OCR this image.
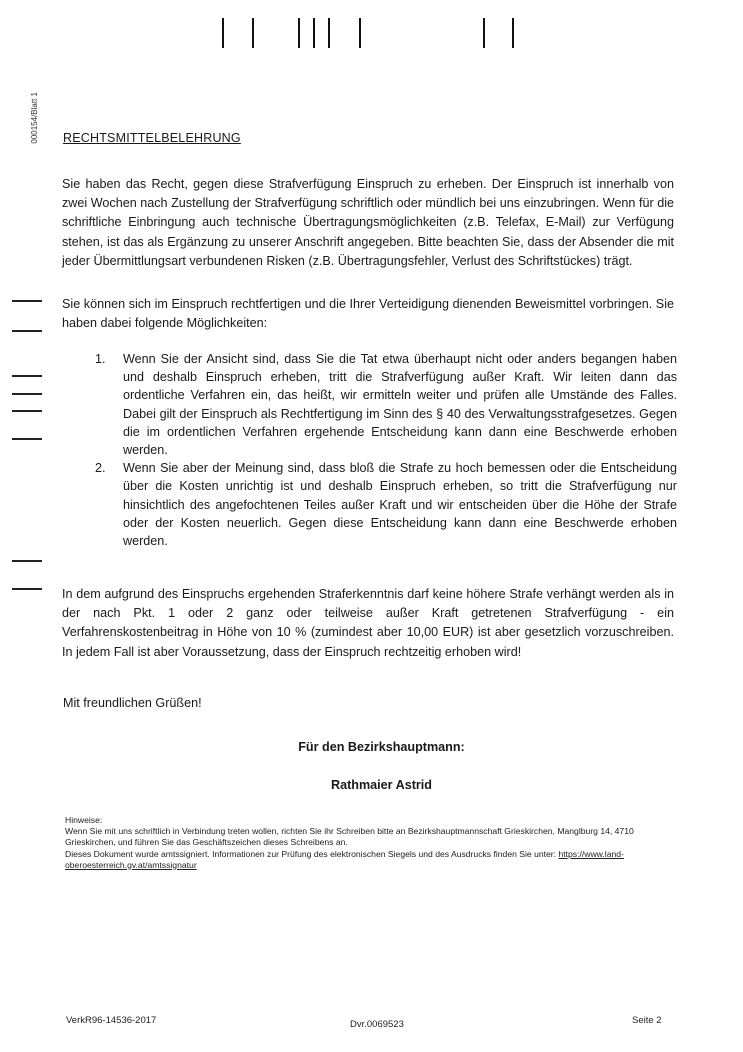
000154/Blatt 1 RECHTSMITTELBELEHRUNG
Sie haben das Recht, gegen diese Strafverfügung Einspruch zu erheben. Der Einspruch ist innerhalb von zwei Wochen nach Zustellung der Strafverfügung schriftlich oder mündlich bei uns einzubringen. Wenn für die schriftliche Einbringung auch technische Übertragungsmöglichkeiten (z.B. Telefax, E-Mail) zur Verfügung stehen, ist das als Ergänzung zu unserer Anschrift angegeben. Bitte beachten Sie, dass der Absender die mit jeder Übermittlungsart verbundenen Risken (z.B. Übertragungsfehler, Verlust des Schriftstückes) trägt.
Sie können sich im Einspruch rechtfertigen und die Ihrer Verteidigung dienenden Beweismittel vorbringen. Sie haben dabei folgende Möglichkeiten:
1.	Wenn Sie der Ansicht sind, dass Sie die Tat etwa überhaupt nicht oder anders begangen haben und deshalb Einspruch erheben, tritt die Strafverfügung außer Kraft. Wir leiten dann das ordentliche Verfahren ein, das heißt, wir ermitteln weiter und prüfen alle Umstände des Falles. Dabei gilt der Einspruch als Rechtfertigung im Sinn des § 40 des Verwaltungsstrafgesetzes. Gegen die im ordentlichen Verfahren ergehende Entscheidung kann dann eine Beschwerde erhoben werden.
2.	Wenn Sie aber der Meinung sind, dass bloß die Strafe zu hoch bemessen oder die Entscheidung über die Kosten unrichtig ist und deshalb Einspruch erheben, so tritt die Strafverfügung nur hinsichtlich des angefochtenen Teiles außer Kraft und wir entscheiden über die Höhe der Strafe oder der Kosten neuerlich. Gegen diese Entscheidung kann dann eine Beschwerde erhoben werden.
In dem aufgrund des Einspruchs ergehenden Straferkenntnis darf keine höhere Strafe verhängt werden als in der nach Pkt. 1 oder 2 ganz oder teilweise außer Kraft getretenen Strafverfügung - ein Verfahrenskostenbeitrag in Höhe von 10 % (zumindest aber 10,00 EUR) ist aber gesetzlich vorzuschreiben. In jedem Fall ist aber Voraussetzung, dass der Einspruch rechtzeitig erhoben wird!
Mit freundlichen Grüßen!
Für den Bezirkshauptmann:
Rathmaier Astrid
Hinweise:
Wenn Sie mit uns schriftlich in Verbindung treten wollen, richten Sie ihr Schreiben bitte an Bezirkshauptmannschaft Grieskirchen, Manglburg 14, 4710 Grieskirchen, und führen Sie das Geschäftszeichen dieses Schreibens an.
Dieses Dokument wurde amtssigniert. Informationen zur Prüfung des elektronischen Siegels und des Ausdrucks finden Sie unter: https://www.land-oberoesterreich.gv.at/amtssignatur
VerkR96-14536-2017	Dvr.0069523	Seite 2
